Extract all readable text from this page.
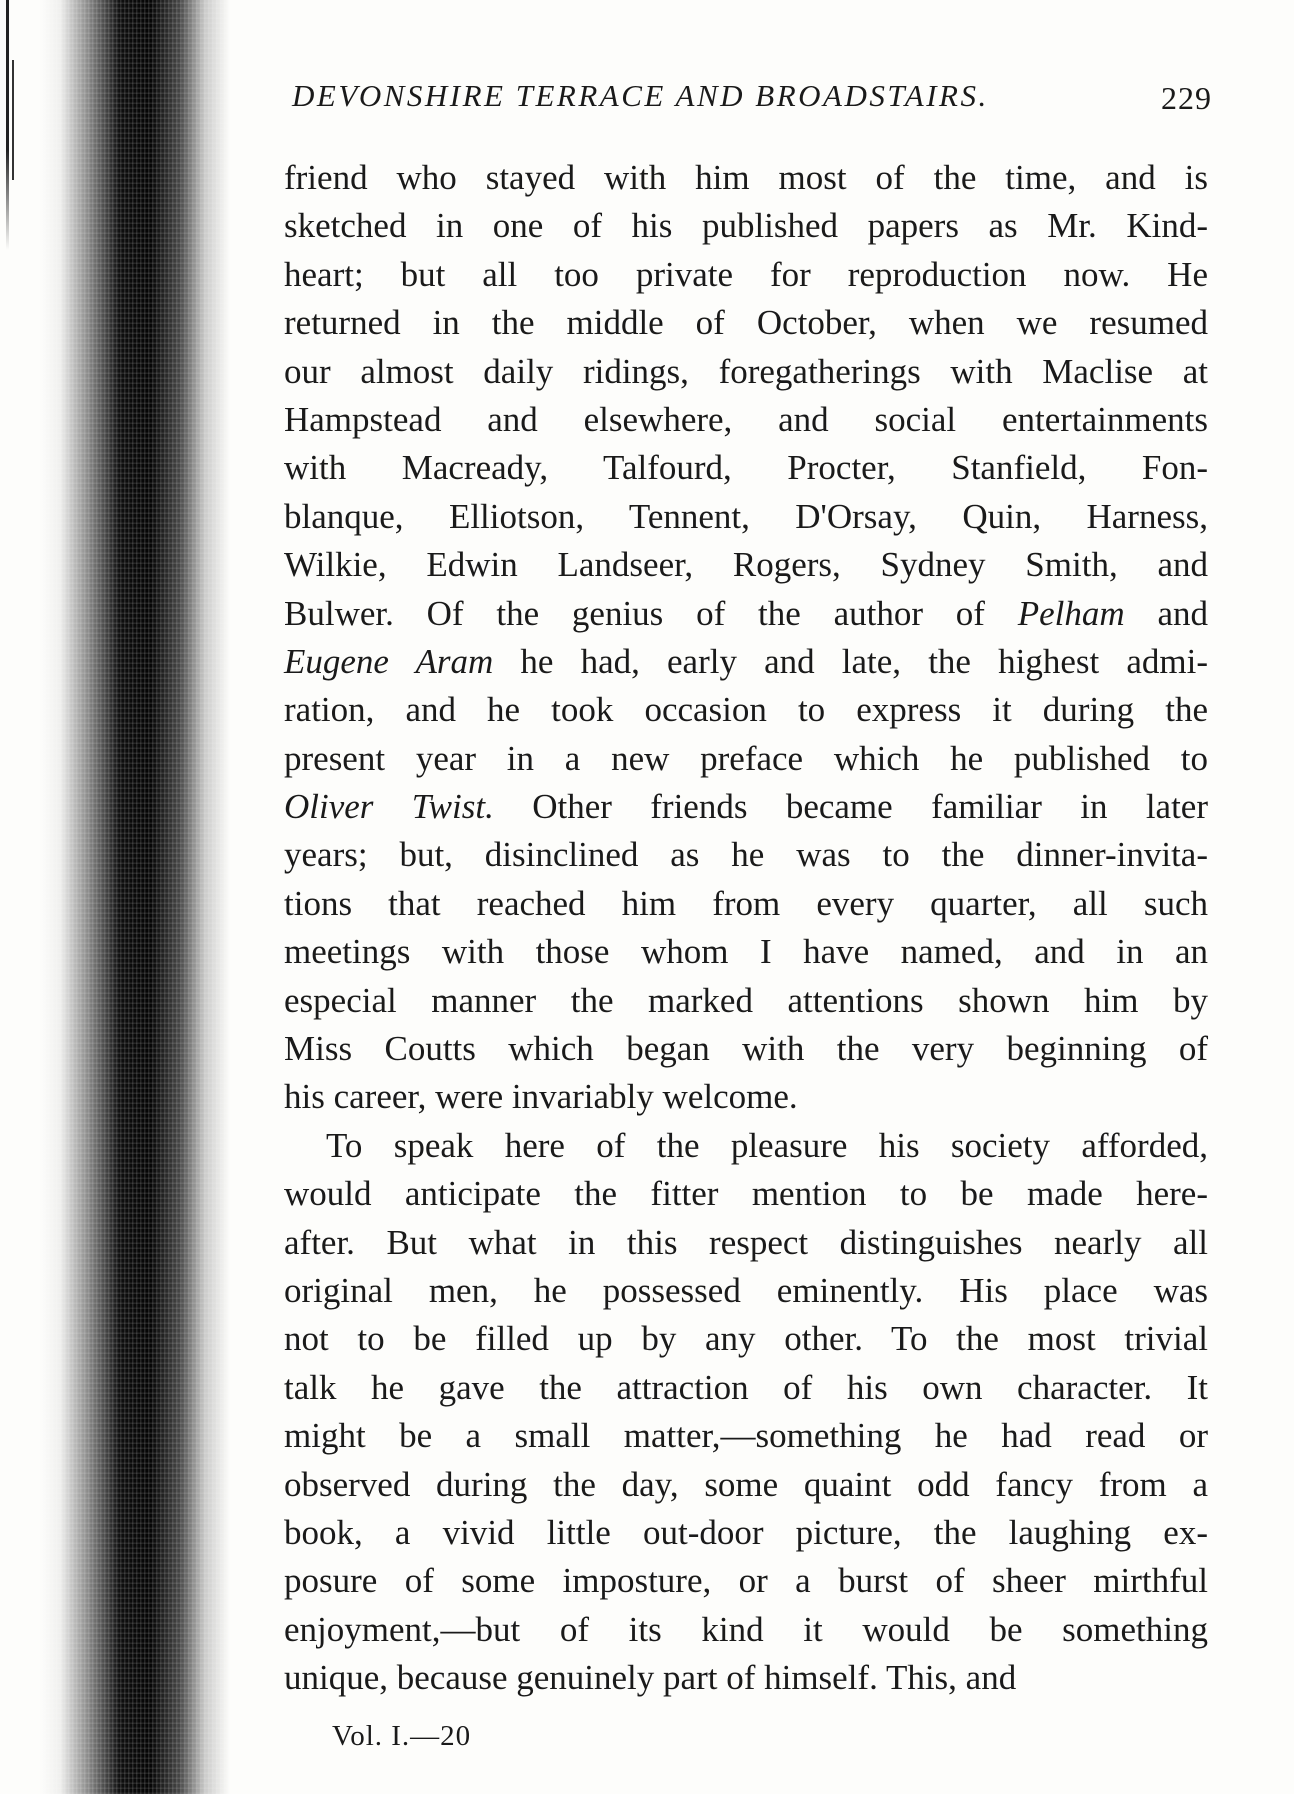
DEVONSHIRE TERRACE AND BROADSTAIRS.	229
friend who stayed with him most of the time, and is
sketched in one of his published papers as Mr. Kind-
heart; but all too private for reproduction now. He
returned in the middle of October, when we resumed
our almost daily ridings, foregatherings with Maclise at
Hampstead and elsewhere, and social entertainments
with Macready, Talfourd, Procter, Stanfield, Fon-
blanque, Elliotson, Tennent, D'Orsay, Quin, Harness,
Wilkie, Edwin Landseer, Rogers, Sydney Smith, and
Bulwer. Of the genius of the author of Pelham and
Eugene Aram he had, early and late, the highest admi-
ration, and he took occasion to express it during the
present year in a new preface which he published to
Oliver Twist. Other friends became familiar in later
years; but, disinclined as he was to the dinner-invita-
tions that reached him from every quarter, all such
meetings with those whom I have named, and in an
especial manner the marked attentions shown him by
Miss Coutts which began with the very beginning of
his career, were invariably welcome.
To speak here of the pleasure his society afforded,
would anticipate the fitter mention to be made here-
after. But what in this respect distinguishes nearly all
original men, he possessed eminently. His place was
not to be filled up by any other. To the most trivial
talk he gave the attraction of his own character. It
might be a small matter,—something he had read or
observed during the day, some quaint odd fancy from a
book, a vivid little out-door picture, the laughing ex-
posure of some imposture, or a burst of sheer mirthful
enjoyment,—but of its kind it would be something
unique, because genuinely part of himself. This, and
Vol. I.—20
